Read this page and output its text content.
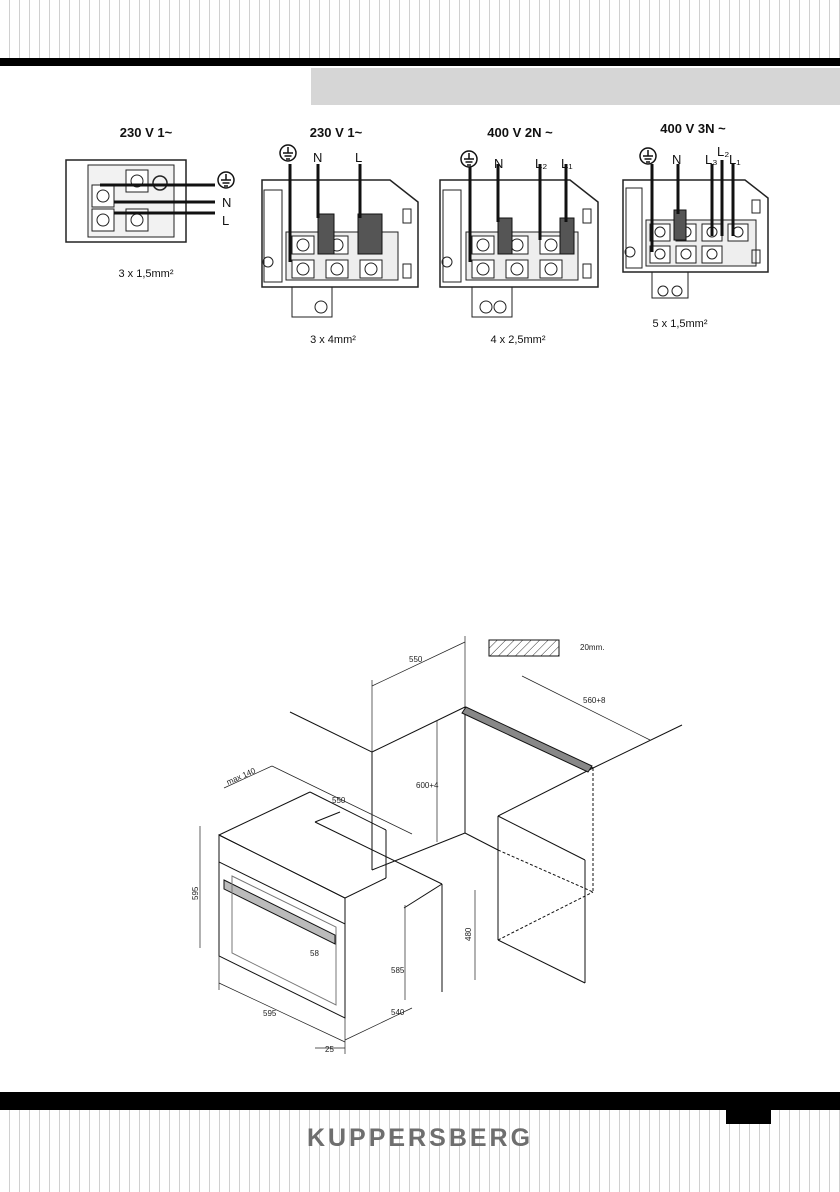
230 V 1~
N
L
3 x 1,5mm²
230 V 1~
N	L
3 x 4mm²
400 V 2N ~
N L₂ L₁
4 x 2,5mm²
400 V 3N ~
N L₃
L₂
L₁
5 x 1,5mm²
550
20mm.
560+8
600+4
max 140
550
595
58
585
480
595	540
25
KUPPERSBERG
